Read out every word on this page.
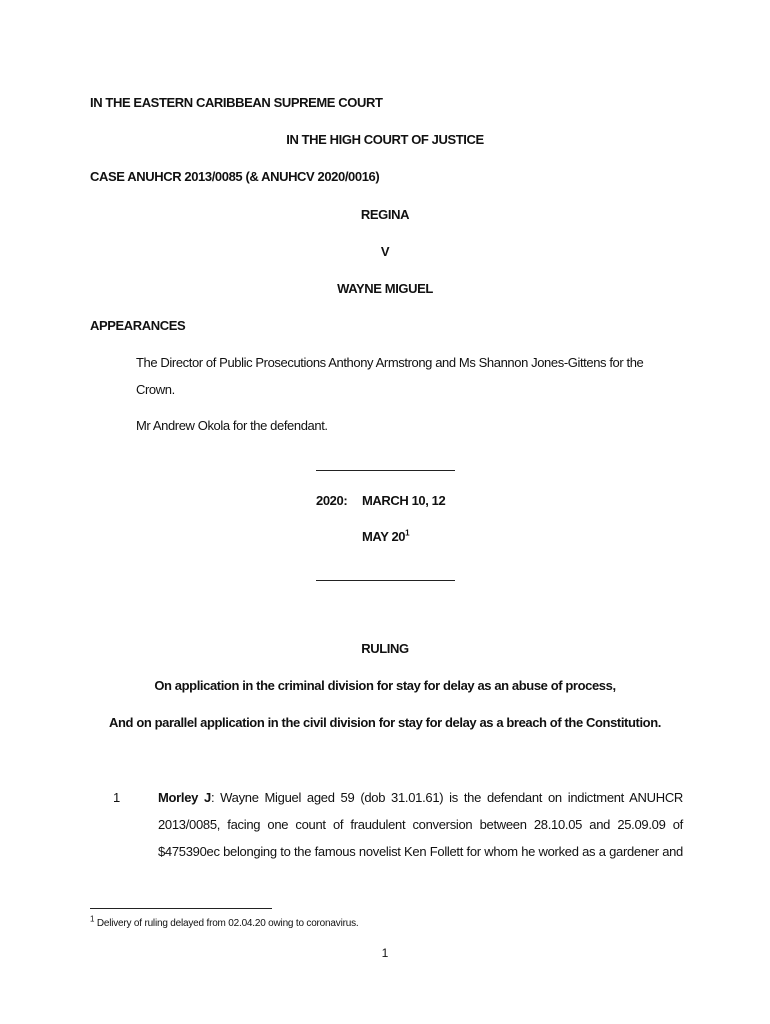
IN THE EASTERN CARIBBEAN SUPREME COURT
IN THE HIGH COURT OF JUSTICE
CASE ANUHCR 2013/0085 (& ANUHCV 2020/0016)
REGINA
V
WAYNE MIGUEL
APPEARANCES
The Director of Public Prosecutions Anthony Armstrong and Ms Shannon Jones-Gittens for the
Crown.
Mr Andrew Okola for the defendant.
2020: MARCH 10, 12
MAY $20^1$
RULING
On application in the criminal division for stay for delay as an abuse of process,
And on parallel application in the civil division for stay for delay as a breach of the Constitution.
1	Morley J: Wayne Miguel aged 59 (dob 31.01.61) is the defendant on indictment ANUHCR
2013/0085, facing one count of fraudulent conversion between 28.10.05 and 25.09.09 of
$475390ec belonging to the famous novelist Ken Follett for whom he worked as a gardener and
$^1$ Delivery of ruling delayed from 02.04.20 owing to coronavirus.
1
